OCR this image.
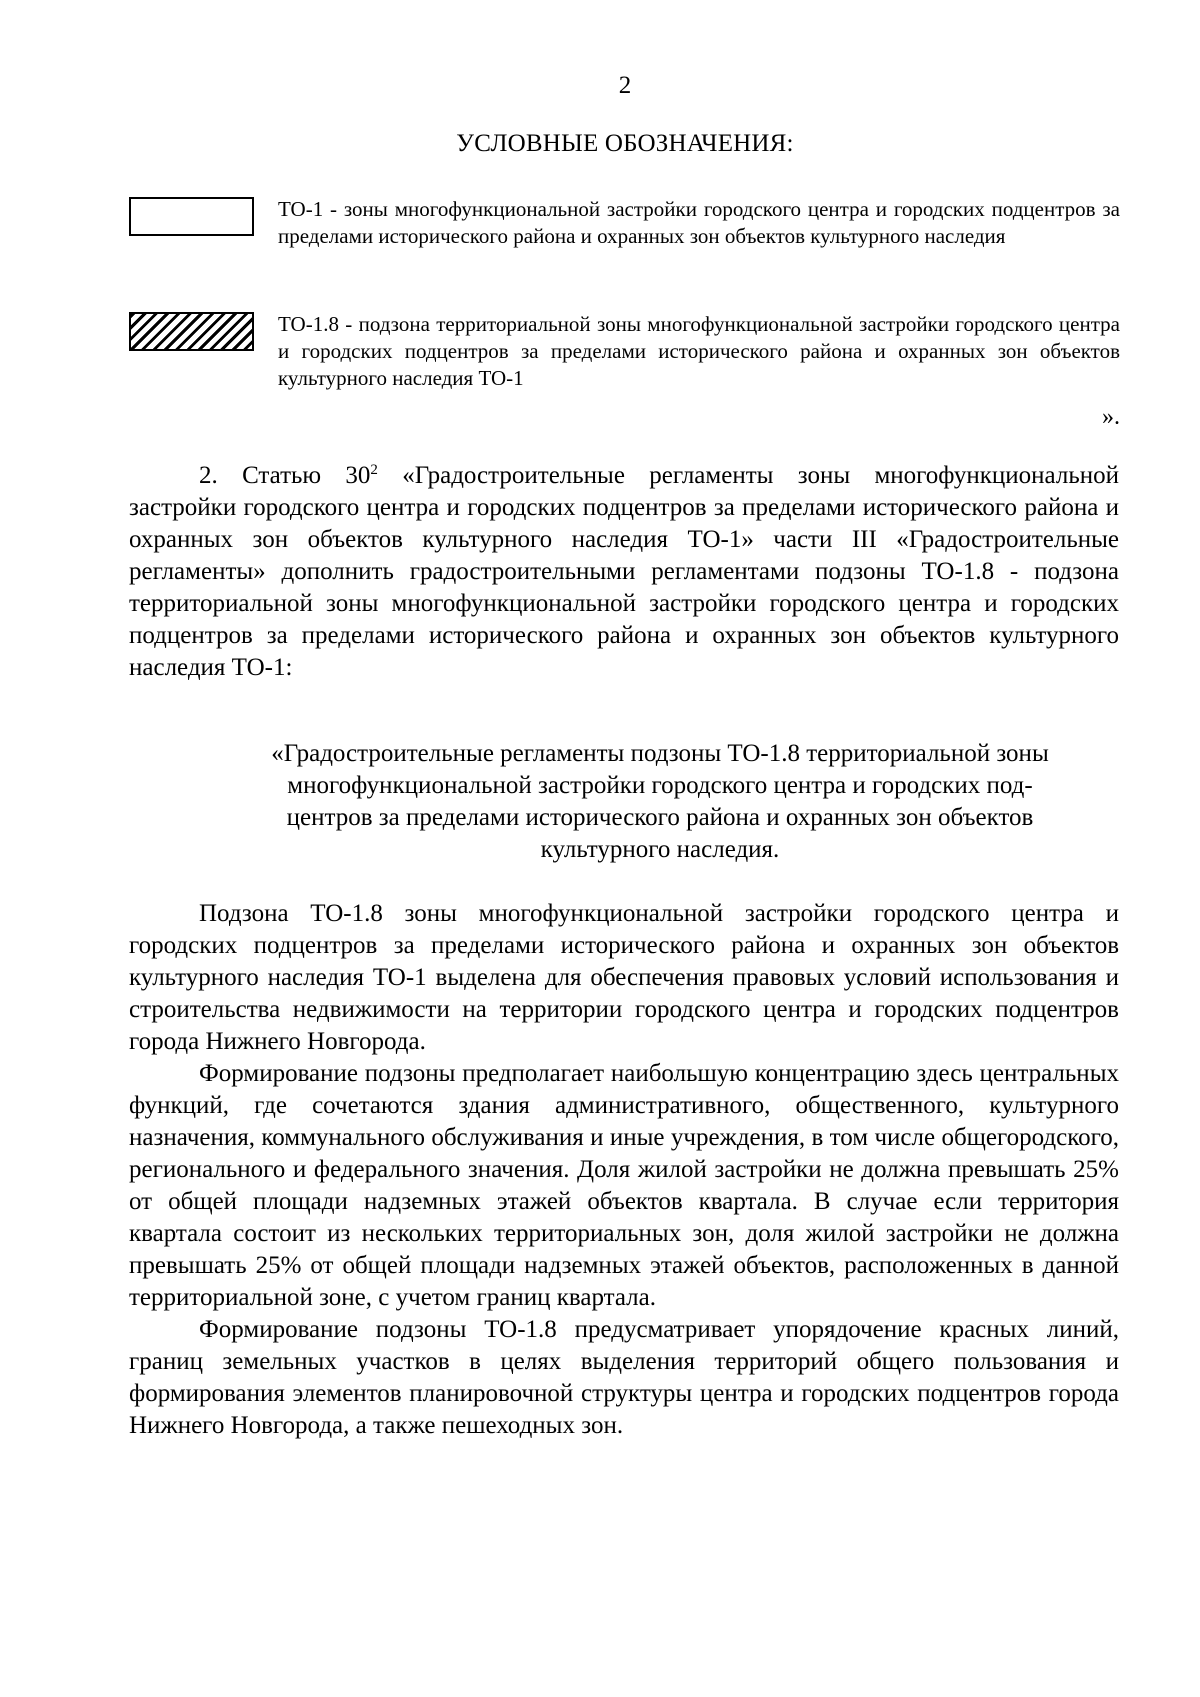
2
УСЛОВНЫЕ ОБОЗНАЧЕНИЯ:
ТО-1 - зоны многофункциональной застройки городского центра и городских подцентров за пределами исторического района и охранных зон объектов культурного наследия
ТО-1.8 - подзона территориальной зоны многофункциональной застройки городского центра и городских подцентров за пределами исторического района и охранных зон объектов культурного наследия ТО-1
».

2. Статью $30^2$ «Градостроительные регламенты зоны многофункциональной застройки городского центра и городских подцентров за пределами исторического района и охранных зон объектов культурного наследия ТО-1» части III «Градостроительные регламенты» дополнить градостроительными регламентами подзоны ТО-1.8 - подзона территориальной зоны многофункциональной застройки городского центра и городских подцентров за пределами исторического района и охранных зон объектов культурного наследия ТО-1:

«Градостроительные регламенты подзоны ТО-1.8 территориальной зоны
многофункциональной застройки городского центра и городских под-
центров за пределами исторического района и охранных зон объектов
культурного наследия.

Подзона ТО-1.8 зоны многофункциональной застройки городского центра и городских подцентров за пределами исторического района и охранных зон объектов культурного наследия ТО-1 выделена для обеспечения правовых условий использования и строительства недвижимости на территории городского центра и городских подцентров города Нижнего Новгорода.

Формирование подзоны предполагает наибольшую концентрацию здесь центральных функций, где сочетаются здания административного, общественного, культурного назначения, коммунального обслуживания и иные учреждения, в том числе общегородского, регионального и федерального значения. Доля жилой застройки не должна превышать 25% от общей площади надземных этажей объектов квартала. В случае если территория квартала состоит из нескольких территориальных зон, доля жилой застройки не должна превышать 25% от общей площади надземных этажей объектов, расположенных в данной территориальной зоне, с учетом границ квартала.

Формирование подзоны ТО-1.8 предусматривает упорядочение красных линий, границ земельных участков в целях выделения территорий общего пользования и формирования элементов планировочной структуры центра и городских подцентров города Нижнего Новгорода, а также пешеходных зон.
